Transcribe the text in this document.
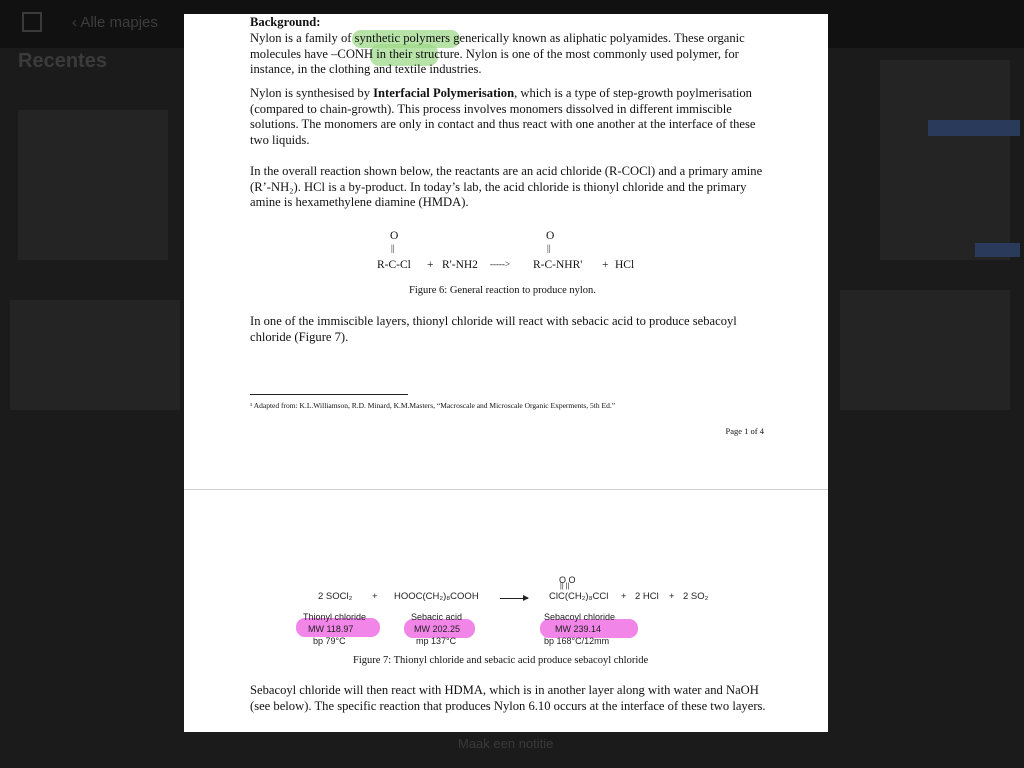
‹ Alle mapjes
Recentes
Maak een notitie
Background:
Nylon is a family of synthetic polymers generically known as aliphatic polyamides. These organic molecules have –CONH in their structure. Nylon is one of the most commonly used polymer, for instance, in the clothing and textile industries.
Nylon is synthesised by Interfacial Polymerisation, which is a type of step-growth poylmerisation (compared to chain-growth). This process involves monomers dissolved in different immiscible solutions. The monomers are only in contact and thus react with one another at the interface of these two liquids.
In the overall reaction shown below, the reactants are an acid chloride (R-COCl) and a primary amine (R’-NH₂). HCl is a by-product. In today’s lab, the acid chloride is thionyl chloride and the primary amine is hexamethylene diamine (HMDA).
O
||
R-C-Cl + R'-NH2 ----->
O
||
R-C-NHR' + HCl
Figure 6: General reaction to produce nylon.
In one of the immiscible layers, thionyl chloride will react with sebacic acid to produce sebacoyl chloride (Figure 7).
¹ Adapted from: K.L.Williamson, R.D. Minard, K.M.Masters, “Macroscale and Microscale Organic Experments, 5th Ed.”
Page 1 of 4
2 SOCl₂ + HOOC(CH₂)₈COOH
O O
|| ||
ClC(CH₂)₈CCl + 2 HCl + 2 SO₂
Thionyl chloride
MW 118.97
bp 79°C
Sebacic acid
MW 202.25
mp 137°C
Sebacoyl chloride
MW 239.14
bp 168°C/12mm
Figure 7: Thionyl chloride and sebacic acid produce sebacoyl chloride
Sebacoyl chloride will then react with HDMA, which is in another layer along with water and NaOH (see below). The specific reaction that produces Nylon 6.10 occurs at the interface of these two layers.
